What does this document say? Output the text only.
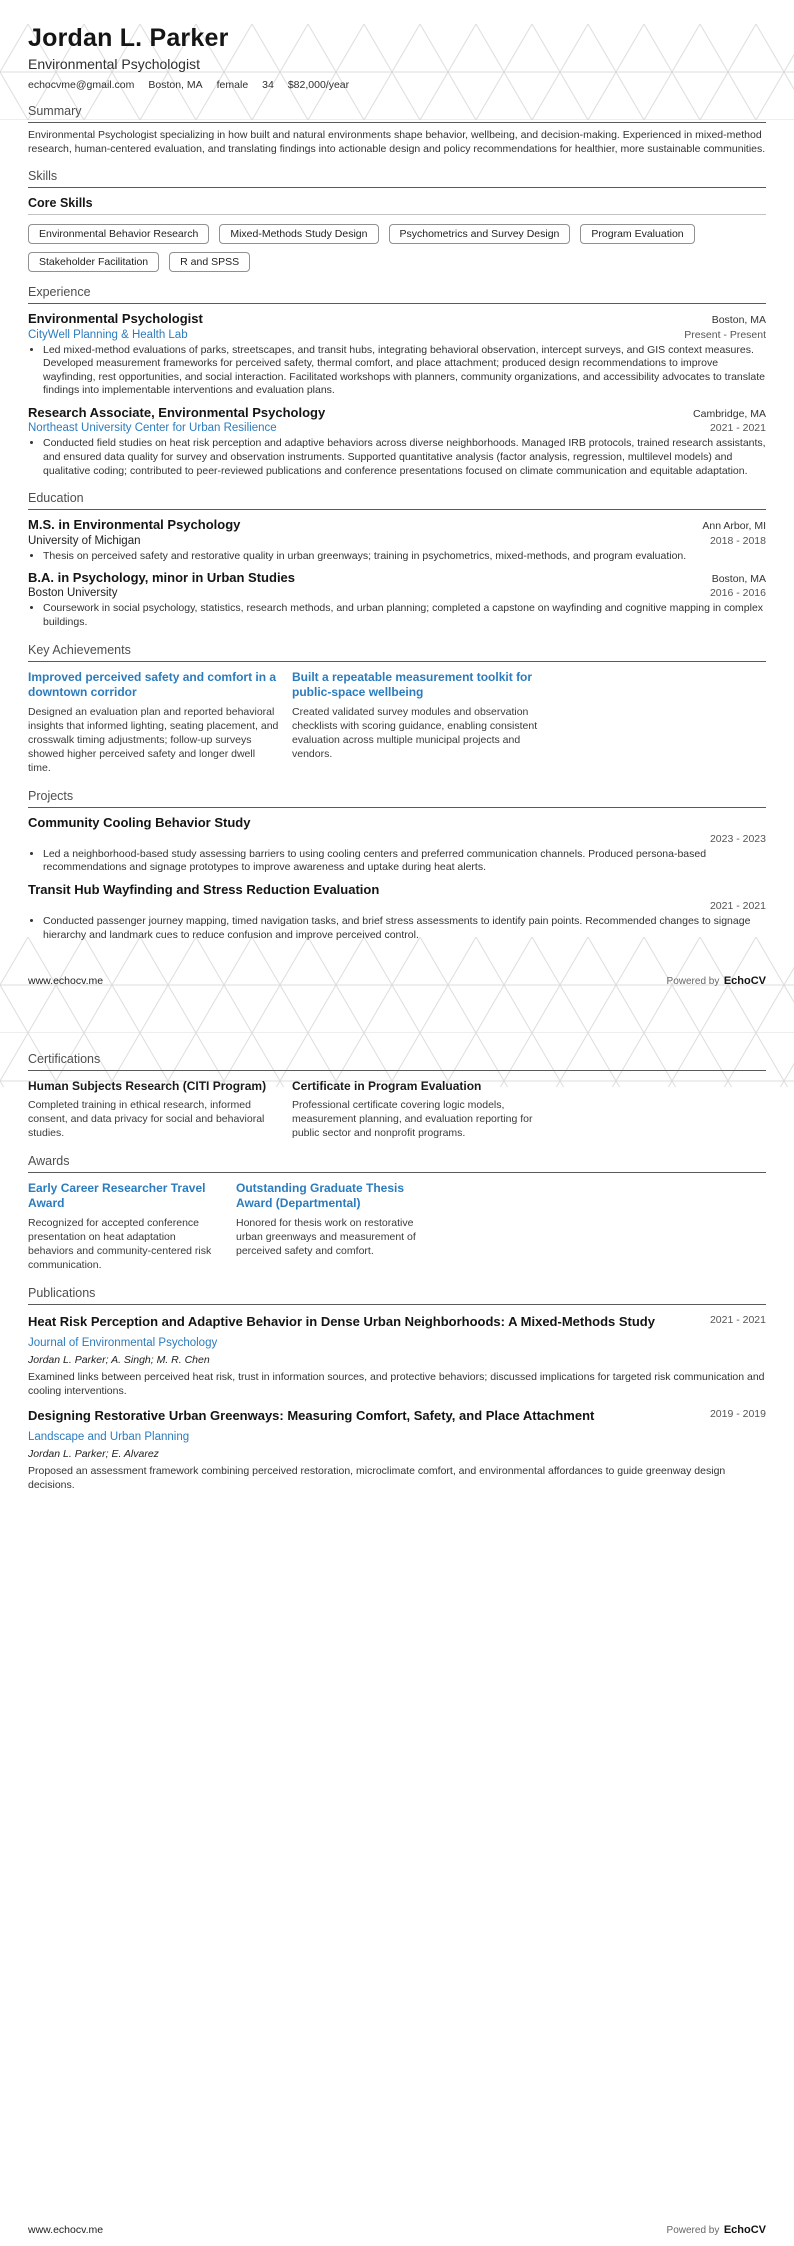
Jordan L. Parker
Environmental Psychologist
echocvme@gmail.com Boston, MA female 34 $82,000/year
Summary

Environmental Psychologist specializing in how built and natural environments shape behavior, wellbeing, and decision-making. Experienced in mixed-method research, human-centered evaluation, and translating findings into actionable design and policy recommendations for healthier, more sustainable communities.

Skills
Core Skills
Environmental Behavior Research	Mixed-Methods Study Design	Psychometrics and Survey Design	Program Evaluation
Stakeholder Facilitation	R and SPSS
Experience
Environmental Psychologist	Boston, MA
CityWell Planning & Health Lab	Present - Present
• Led mixed-method evaluations of parks, streetscapes, and transit hubs, integrating behavioral observation, intercept surveys, and GIS context measures. Developed measurement frameworks for perceived safety, thermal comfort, and place attachment; produced design recommendations to improve wayfinding, rest opportunities, and social interaction. Facilitated workshops with planners, community organizations, and accessibility advocates to translate findings into implementable interventions and evaluation plans.
Research Associate, Environmental Psychology	Cambridge, MA
Northeast University Center for Urban Resilience	2021 - 2021
• Conducted field studies on heat risk perception and adaptive behaviors across diverse neighborhoods. Managed IRB protocols, trained research assistants, and ensured data quality for survey and observation instruments. Supported quantitative analysis (factor analysis, regression, multilevel models) and qualitative coding; contributed to peer-reviewed publications and conference presentations focused on climate communication and equitable adaptation.
Education
M.S. in Environmental Psychology	Ann Arbor, MI
University of Michigan	2018 - 2018
• Thesis on perceived safety and restorative quality in urban greenways; training in psychometrics, mixed-methods, and program evaluation.
B.A. in Psychology, minor in Urban Studies	Boston, MA
Boston University	2016 - 2016
• Coursework in social psychology, statistics, research methods, and urban planning; completed a capstone on wayfinding and cognitive mapping in complex buildings.
Key Achievements
Improved perceived safety and comfort in a downtown corridor

Designed an evaluation plan and reported behavioral insights that informed lighting, seating placement, and crosswalk timing adjustments; follow-up surveys showed higher perceived safety and longer dwell time.

Built a repeatable measurement toolkit for public-space wellbeing

Created validated survey modules and observation checklists with scoring guidance, enabling consistent evaluation across multiple municipal projects and vendors.

Projects
Community Cooling Behavior Study
2023 - 2023
• Led a neighborhood-based study assessing barriers to using cooling centers and preferred communication channels. Produced persona-based recommendations and signage prototypes to improve awareness and uptake during heat alerts.
Transit Hub Wayfinding and Stress Reduction Evaluation
2021 - 2021
• Conducted passenger journey mapping, timed navigation tasks, and brief stress assessments to identify pain points. Recommended changes to signage hierarchy and landmark cues to reduce confusion and improve perceived control.
www.echocv.me	Powered by EchoCV
Certifications
Human Subjects Research (CITI Program)

Completed training in ethical research, informed consent, and data privacy for social and behavioral studies.

Certificate in Program Evaluation

Professional certificate covering logic models, measurement planning, and evaluation reporting for public sector and nonprofit programs.

Awards
Early Career Researcher Travel Award

Recognized for accepted conference presentation on heat adaptation behaviors and community-centered risk communication.

Outstanding Graduate Thesis Award (Departmental)

Honored for thesis work on restorative urban greenways and measurement of perceived safety and comfort.

Publications
Heat Risk Perception and Adaptive Behavior in Dense Urban Neighborhoods: A Mixed-Methods Study	2021 - 2021
Journal of Environmental Psychology
Jordan L. Parker; A. Singh; M. R. Chen

Examined links between perceived heat risk, trust in information sources, and protective behaviors; discussed implications for targeted risk communication and cooling interventions.

Designing Restorative Urban Greenways: Measuring Comfort, Safety, and Place Attachment	2019 - 2019
Landscape and Urban Planning
Jordan L. Parker; E. Alvarez

Proposed an assessment framework combining perceived restoration, microclimate comfort, and environmental affordances to guide greenway design decisions.

www.echocv.me	Powered by EchoCV
